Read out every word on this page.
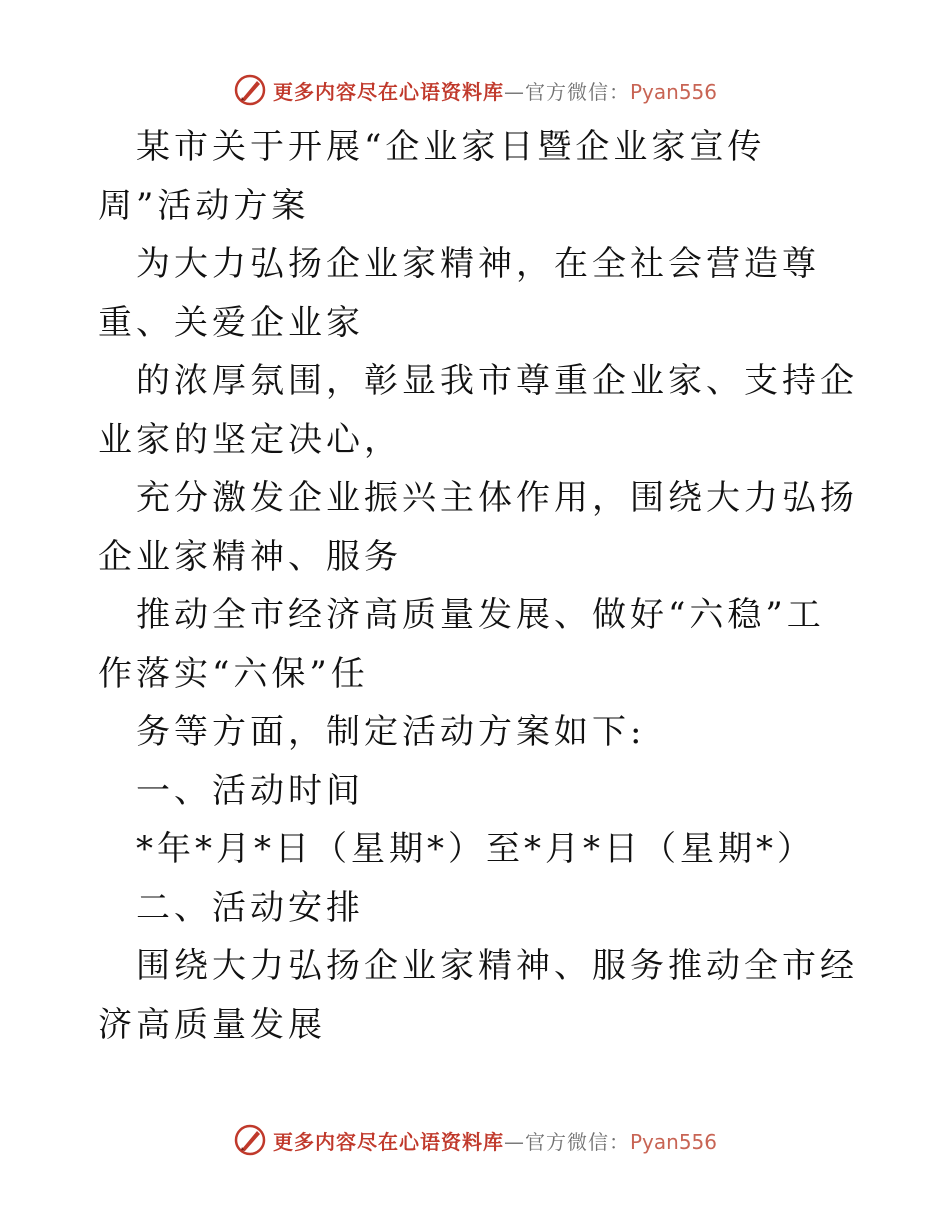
更多内容尽在心语资料库—官方微信：Pyan556

某市关于开展“企业家日暨企业家宣传周”活动方案

为大力弘扬企业家精神，在全社会营造尊重、关爱企业家

的浓厚氛围，彰显我市尊重企业家、支持企业家的坚定决心，

充分激发企业振兴主体作用，围绕大力弘扬企业家精神、服务

推动全市经济高质量发展、做好“六稳”工作落实“六保”任

务等方面，制定活动方案如下:

一、活动时间

*年*月*日（星期*）至*月*日（星期*）

二、活动安排

围绕大力弘扬企业家精神、服务推动全市经济高质量发展

更多内容尽在心语资料库—官方微信：Pyan556
